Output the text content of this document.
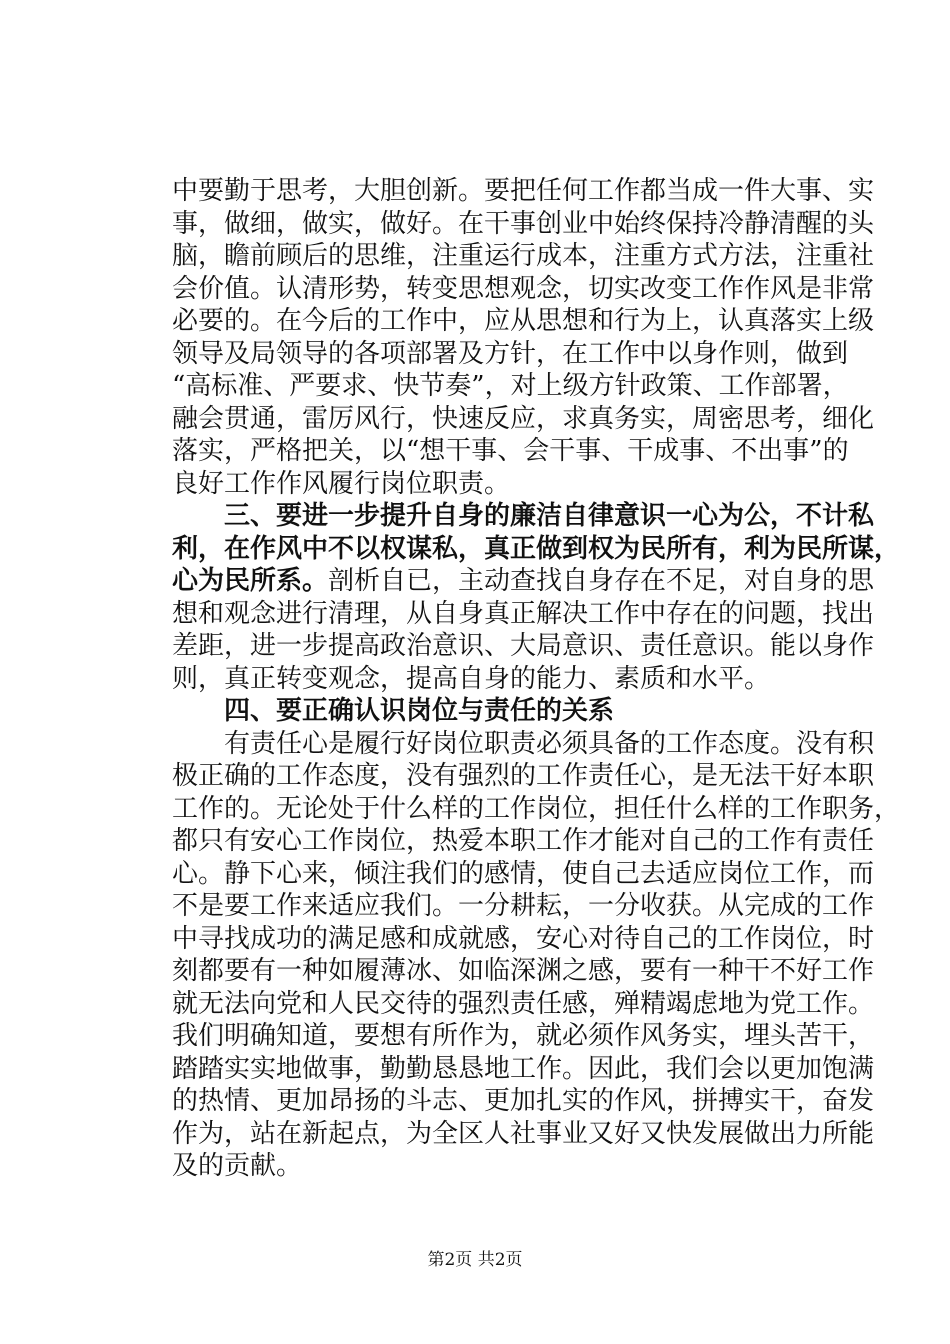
中要勤于思考，大胆创新。要把任何工作都当成一件大事、实
事，做细，做实，做好。在干事创业中始终保持冷静清醒的头
脑，瞻前顾后的思维，注重运行成本，注重方式方法，注重社
会价值。认清形势，转变思想观念，切实改变工作作风是非常
必要的。在今后的工作中，应从思想和行为上，认真落实上级
领导及局领导的各项部署及方针，在工作中以身作则，做到
“高标准、严要求、快节奏”，对上级方针政策、工作部署，
融会贯通，雷厉风行，快速反应，求真务实，周密思考，细化
落实，严格把关，以“想干事、会干事、干成事、不出事”的
良好工作作风履行岗位职责。
三、要进一步提升自身的廉洁自律意识一心为公，不计私
利，在作风中不以权谋私，真正做到权为民所有，利为民所谋，
心为民所系。剖析自已，主动查找自身存在不足，对自身的思
想和观念进行清理，从自身真正解决工作中存在的问题，找出
差距，进一步提高政治意识、大局意识、责任意识。能以身作
则，真正转变观念，提高自身的能力、素质和水平。
四、要正确认识岗位与责任的关系
有责任心是履行好岗位职责必须具备的工作态度。没有积
极正确的工作态度，没有强烈的工作责任心，是无法干好本职
工作的。无论处于什么样的工作岗位，担任什么样的工作职务，
都只有安心工作岗位，热爱本职工作才能对自己的工作有责任
心。静下心来，倾注我们的感情，使自己去适应岗位工作，而
不是要工作来适应我们。一分耕耘，一分收获。从完成的工作
中寻找成功的满足感和成就感，安心对待自己的工作岗位，时
刻都要有一种如履薄冰、如临深渊之感，要有一种干不好工作
就无法向党和人民交待的强烈责任感，殚精竭虑地为党工作。
我们明确知道，要想有所作为，就必须作风务实，埋头苦干，
踏踏实实地做事，勤勤恳恳地工作。因此，我们会以更加饱满
的热情、更加昂扬的斗志、更加扎实的作风，拼搏实干，奋发
作为，站在新起点，为全区人社事业又好又快发展做出力所能
及的贡献。
第2页 共2页
